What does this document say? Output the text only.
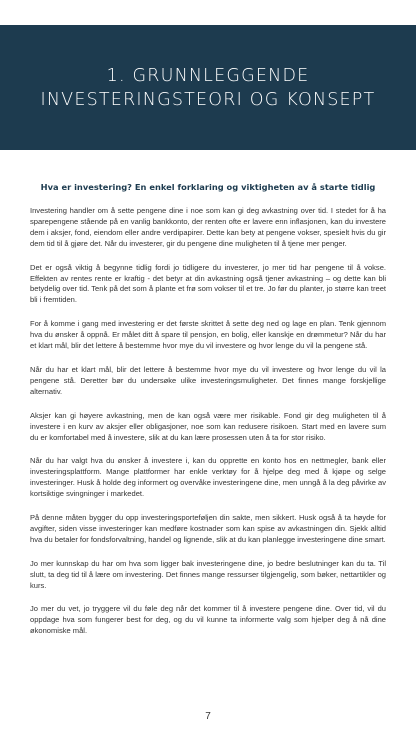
1. GRUNNLEGGENDE
INVESTERINGSTEORI OG KONSEPT
Hva er investering? En enkel forklaring og viktigheten av å starte tidlig

Investering handler om å sette pengene dine i noe som kan gi deg avkastning over tid. I stedet for å ha sparepengene stående på en vanlig bankkonto, der renten ofte er lavere enn inflasjonen, kan du investere dem i aksjer, fond, eiendom eller andre verdipapirer. Dette kan bety at pengene vokser, spesielt hvis du gir dem tid til å gjøre det. Når du investerer, gir du pengene dine muligheten til å tjene mer penger.

Det er også viktig å begynne tidlig fordi jo tidligere du investerer, jo mer tid har pengene til å vokse. Effekten av rentes rente er kraftig - det betyr at din avkastning også tjener avkastning – og dette kan bli betydelig over tid. Tenk på det som å plante et frø som vokser til et tre. Jo før du planter, jo større kan treet bli i fremtiden.

For å komme i gang med investering er det første skrittet å sette deg ned og lage en plan. Tenk gjennom hva du ønsker å oppnå. Er målet ditt å spare til pensjon, en bolig, eller kanskje en drømmetur? Når du har et klart mål, blir det lettere å bestemme hvor mye du vil investere og hvor lenge du vil la pengene stå.

Når du har et klart mål, blir det lettere å bestemme hvor mye du vil investere og hvor lenge du vil la pengene stå. Deretter bør du undersøke ulike investeringsmuligheter. Det finnes mange forskjellige alternativ.

Aksjer kan gi høyere avkastning, men de kan også være mer risikable. Fond gir deg muligheten til å investere i en kurv av aksjer eller obligasjoner, noe som kan redusere risikoen. Start med en lavere sum du er komfortabel med å investere, slik at du kan lære prosessen uten å ta for stor risiko.

Når du har valgt hva du ønsker å investere i, kan du opprette en konto hos en nettmegler, bank eller investeringsplattform. Mange plattformer har enkle verktøy for å hjelpe deg med å kjøpe og selge investeringer. Husk å holde deg informert og overvåke investeringene dine, men unngå å la deg påvirke av kortsiktige svingninger i markedet.

På denne måten bygger du opp investeringsporteføljen din sakte, men sikkert. Husk også å ta høyde for avgifter, siden visse investeringer kan medføre kostnader som kan spise av avkastningen din. Sjekk alltid hva du betaler for fondsforvaltning, handel og lignende, slik at du kan planlegge investeringene dine smart.

Jo mer kunnskap du har om hva som ligger bak investeringene dine, jo bedre beslutninger kan du ta. Til slutt, ta deg tid til å lære om investering. Det finnes mange ressurser tilgjengelig, som bøker, nettartikler og kurs.

Jo mer du vet, jo tryggere vil du føle deg når det kommer til å investere pengene dine. Over tid, vil du oppdage hva som fungerer best for deg, og du vil kunne ta informerte valg som hjelper deg å nå dine økonomiske mål.

7
